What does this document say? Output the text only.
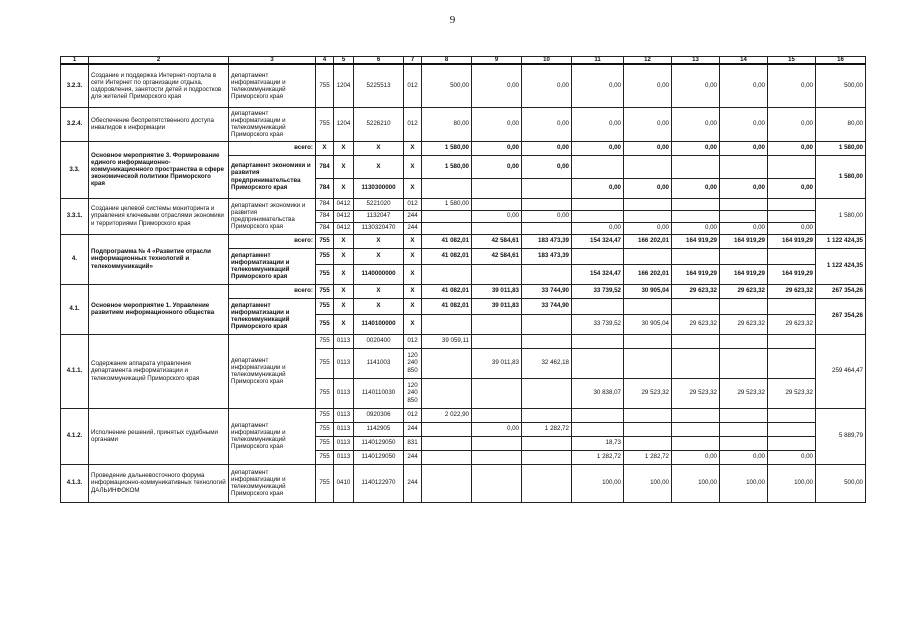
9
1	2	3	4	5	6	7	8	9	10	11	12	13	14	15	16
3.2.3.	Создание и поддержка Интернет-портала в сети Интернет по организации отдыха, оздоровления, занятости детей и подростков для жителей Приморского края	департамент информатизации и телекоммуникаций Приморского края	755	1204	5225513	012	500,00	0,00	0,00	0,00	0,00	0,00	0,00	0,00	500,00
3.2.4.	Обеспечение беспрепятственного доступа инвалидов к информации	департамент информатизации и телекоммуникаций Приморского края	755	1204	5226210	012	80,00	0,00	0,00	0,00	0,00	0,00	0,00	0,00	80,00
3.3.	Основное мероприятие 3. Формирование единого информационно-коммуникационного пространства в сфере экономической политики Приморского края	всего:	X	X	X	X	1 580,00	0,00	0,00	0,00	0,00	0,00	0,00	0,00	1 580,00
		департамент экономики и развития предпринимательства Приморского края	784	X	X	X	1 580,00	0,00	0,00						1 580,00
			784	X	1130300000	X				0,00	0,00	0,00	0,00	0,00	
3.3.1.	Создание целевой системы мониторинга и управления ключевыми отраслями экономики и территориями Приморского края	департамент экономики и развития предпринимательства Приморского края	784	0412	5221020	012	1 580,00								1 580,00
			784	0412	1132047	244		0,00	0,00						
			784	0412	1130320470	244				0,00	0,00	0,00	0,00	0,00	
4.	Подпрограмма № 4 «Развитие отрасли информационных технологий и телекоммуникаций»	всего:	755	X	X	X	41 082,01	42 584,61	183 473,39	154 324,47	166 202,01	164 919,29	164 919,29	164 919,29	1 122 424,35
		департамент информатизации и телекоммуникаций Приморского края	755	X	X	X	41 082,01	42 584,61	183 473,39						1 122 424,35
			755	X	1140000000	X				154 324,47	166 202,01	164 919,29	164 919,29	164 919,29	
4.1.	Основное мероприятие 1. Управление развитием информационного общества	всего:	755	X	X	X	41 082,01	39 011,83	33 744,90	33 739,52	30 905,04	29 623,32	29 623,32	29 623,32	267 354,26
		департамент информатизации и телекоммуникаций Приморского края	755	X	X	X	41 082,01	39 011,83	33 744,90						267 354,26
			755	X	1140100000	X				33 739,52	30 905,04	29 623,32	29 623,32	29 623,32	
4.1.1.	Содержание аппарата управления департамента информатизации и телекоммуникаций Приморского края	департамент информатизации и телекоммуникаций Приморского края	755	0113	0020400	012	39 059,11								259 464,47
			755	0113	1141003	120 240 850		39 011,83	32 462,18						
			755	0113	1140110030	120 240 850				30 838,07	29 523,32	29 523,32	29 523,32	29 523,32	
4.1.2.	Исполнение решений, принятых судебными органами	департамент информатизации и телекоммуникаций Приморского края	755	0113	0920306	012	2 022,90								5 889,79
			755	0113	1142905	244		0,00	1 282,72						
			755	0113	1140129050	831				18,73					
			755	0113	1140129050	244				1 282,72	1 282,72	0,00	0,00	0,00	
4.1.3.	Проведение дальневосточного форума информационно-коммуникативных технологий ДАЛЬИНФОКОМ	департамент информатизации и телекоммуникаций Приморского края	755	0410	1140122970	244				100,00	100,00	100,00	100,00	100,00	500,00
